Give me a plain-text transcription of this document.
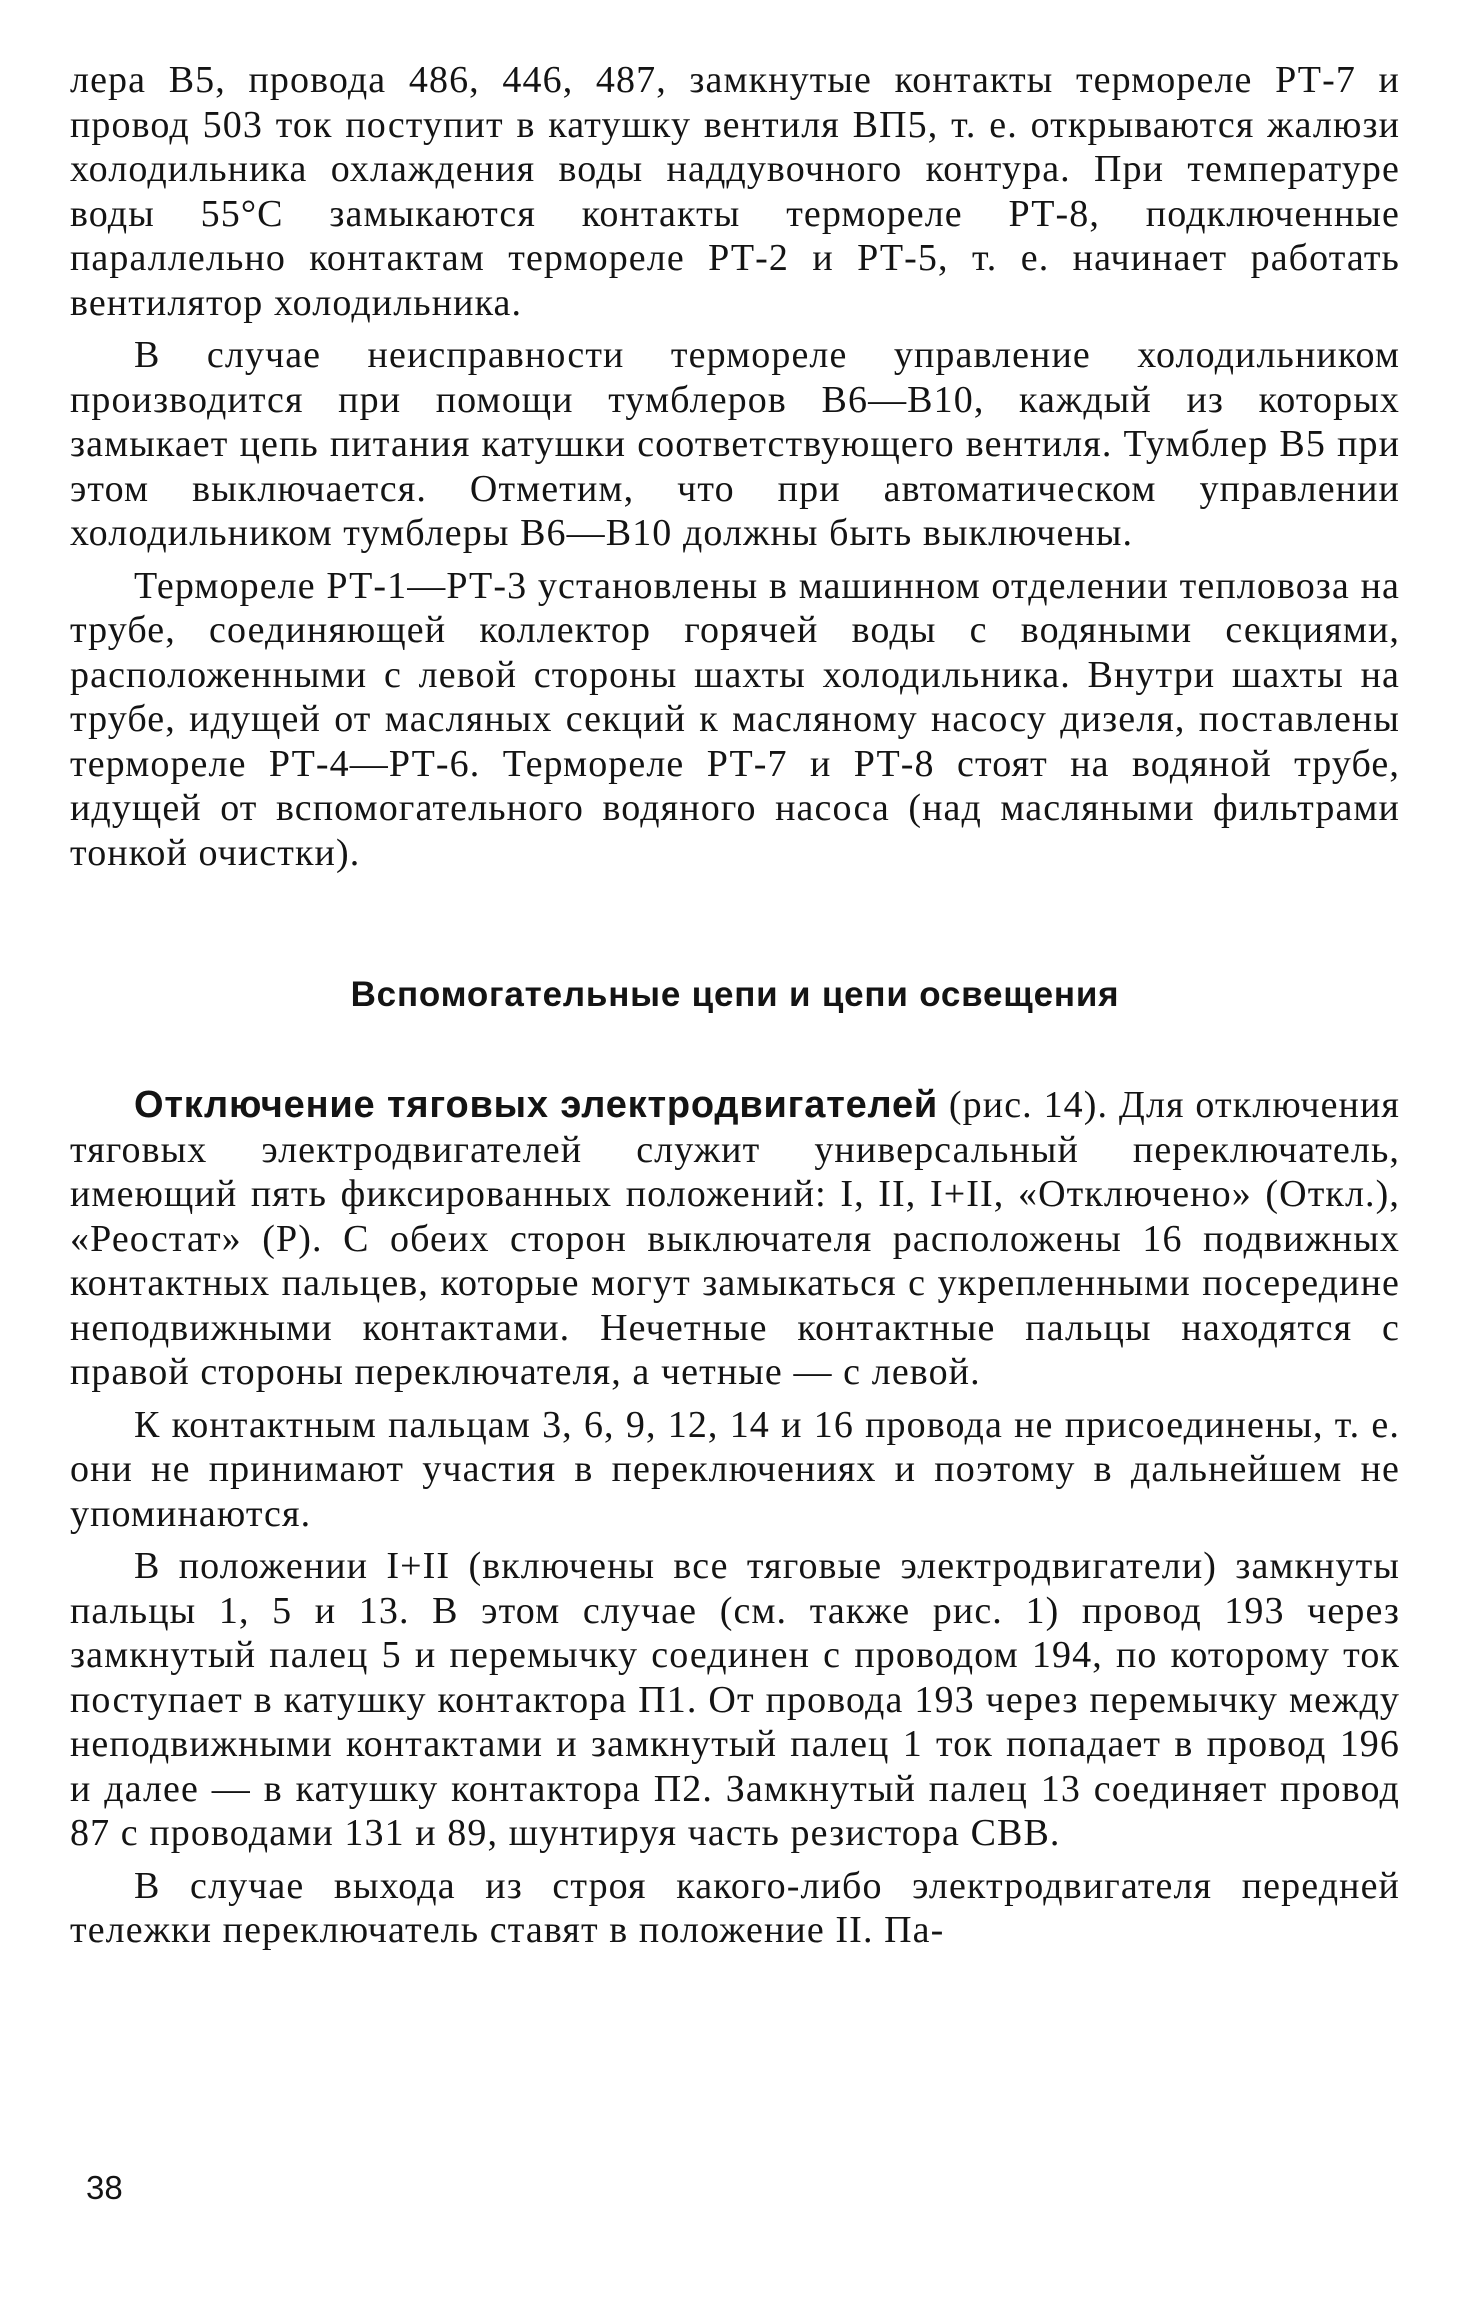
лера В5, провода 486, 446, 487, замкнутые контакты термореле РТ-7 и провод 503 ток поступит в катушку вентиля ВП5, т. е. открываются жалюзи холодильника охлаждения воды наддувочного контура. При температуре воды 55°С замыкаются контакты термореле РТ-8, подключенные параллельно контактам термореле РТ-2 и РТ-5, т. е. начинает работать вентилятор холодильника.

В случае неисправности термореле управление холодильником производится при помощи тумблеров В6—В10, каждый из которых замыкает цепь питания катушки соответствующего вентиля. Тумблер В5 при этом выключается. Отметим, что при автоматическом управлении холодильником тумблеры В6—В10 должны быть выключены.

Термореле РТ-1—РТ-3 установлены в машинном отделении тепловоза на трубе, соединяющей коллектор горячей воды с водяными секциями, расположенными с левой стороны шахты холодильника. Внутри шахты на трубе, идущей от масляных секций к масляному насосу дизеля, поставлены термореле РТ-4—РТ-6. Термореле РТ-7 и РТ-8 стоят на водяной трубе, идущей от вспомогательного водяного насоса (над масляными фильтрами тонкой очистки).

Вспомогательные цепи и цепи освещения

Отключение тяговых электродвигателей (рис. 14). Для отключения тяговых электродвигателей служит универсальный переключатель, имеющий пять фиксированных положений: I, II, I+II, «Отключено» (Откл.), «Реостат» (Р). С обеих сторон выключателя расположены 16 подвижных контактных пальцев, которые могут замыкаться с укрепленными посередине неподвижными контактами. Нечетные контактные пальцы находятся с правой стороны переключателя, а четные — с левой.

К контактным пальцам 3, 6, 9, 12, 14 и 16 провода не присоединены, т. е. они не принимают участия в переключениях и поэтому в дальнейшем не упоминаются.

В положении I+II (включены все тяговые электродвигатели) замкнуты пальцы 1, 5 и 13. В этом случае (см. также рис. 1) провод 193 через замкнутый палец 5 и перемычку соединен с проводом 194, по которому ток поступает в катушку контактора П1. От провода 193 через перемычку между неподвижными контактами и замкнутый палец 1 ток попадает в провод 196 и далее — в катушку контактора П2. Замкнутый палец 13 соединяет провод 87 с проводами 131 и 89, шунтируя часть резистора СВВ.

В случае выхода из строя какого-либо электродвигателя передней тележки переключатель ставят в положение II. Па-

38
